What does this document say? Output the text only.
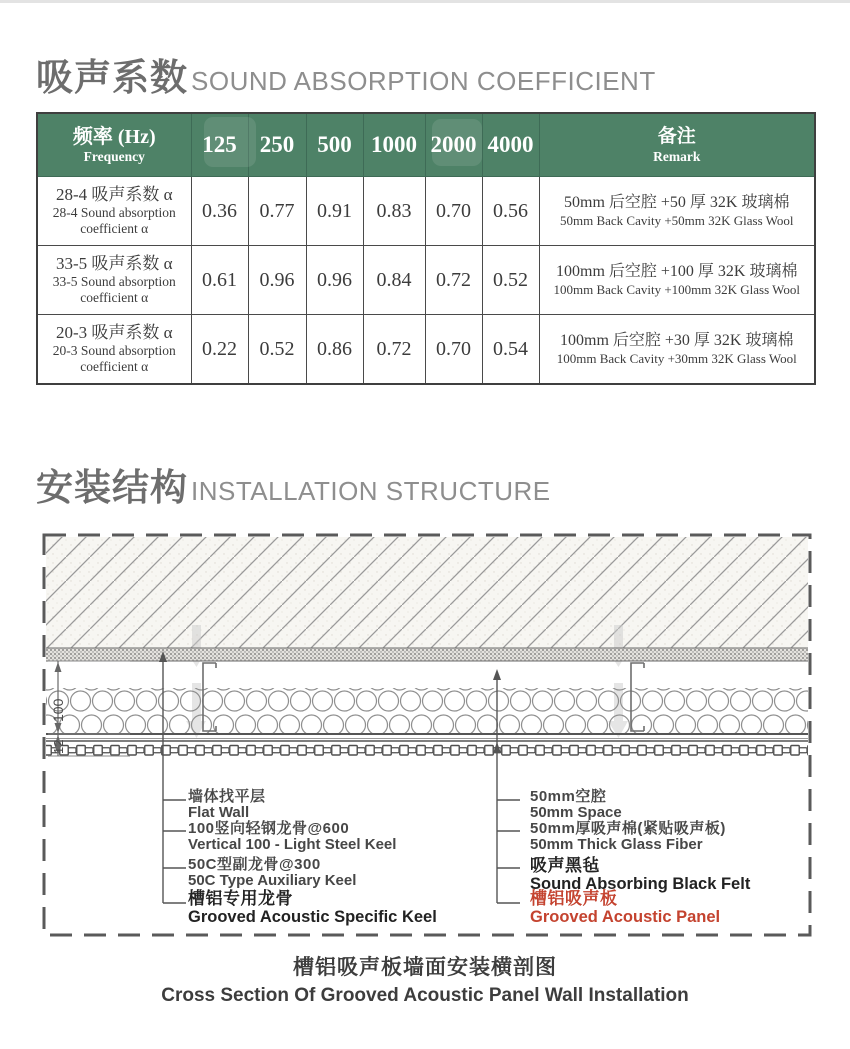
吸声系数 SOUND ABSORPTION COEFFICIENT
频率 (Hz)
Frequency	125	250	500	1000	2000	4000	备注
Remark

28-4 吸声系数 α
28-4 Sound absorption
coefficient α	0.36	0.77	0.91	0.83	0.70	0.56	50mm 后空腔 +50 厚 32K 玻璃棉
50mm Back Cavity +50mm 32K Glass Wool

33-5 吸声系数 α
33-5 Sound absorption
coefficient α	0.61	0.96	0.96	0.84	0.72	0.52	100mm 后空腔 +100 厚 32K 玻璃棉
100mm Back Cavity +100mm 32K Glass Wool

20-3 吸声系数 α
20-3 Sound absorption
coefficient α	0.22	0.52	0.86	0.72	0.70	0.54	100mm 后空腔 +30 厚 32K 玻璃棉
100mm Back Cavity +30mm 32K Glass Wool
安装结构 INSTALLATION STRUCTURE
100
12
墙体找平层
Flat Wall
100竖向轻钢龙骨@600
Vertical 100 - Light Steel Keel
50C型副龙骨@300
50C Type Auxiliary Keel
槽铝专用龙骨
Grooved Acoustic Specific Keel
50mm空腔
50mm Space
50mm厚吸声棉(紧贴吸声板)
50mm Thick Glass Fiber
吸声黑毡
Sound Absorbing Black Felt
槽铝吸声板
Grooved Acoustic Panel
槽铝吸声板墙面安装横剖图
Cross Section Of Grooved Acoustic Panel Wall Installation
